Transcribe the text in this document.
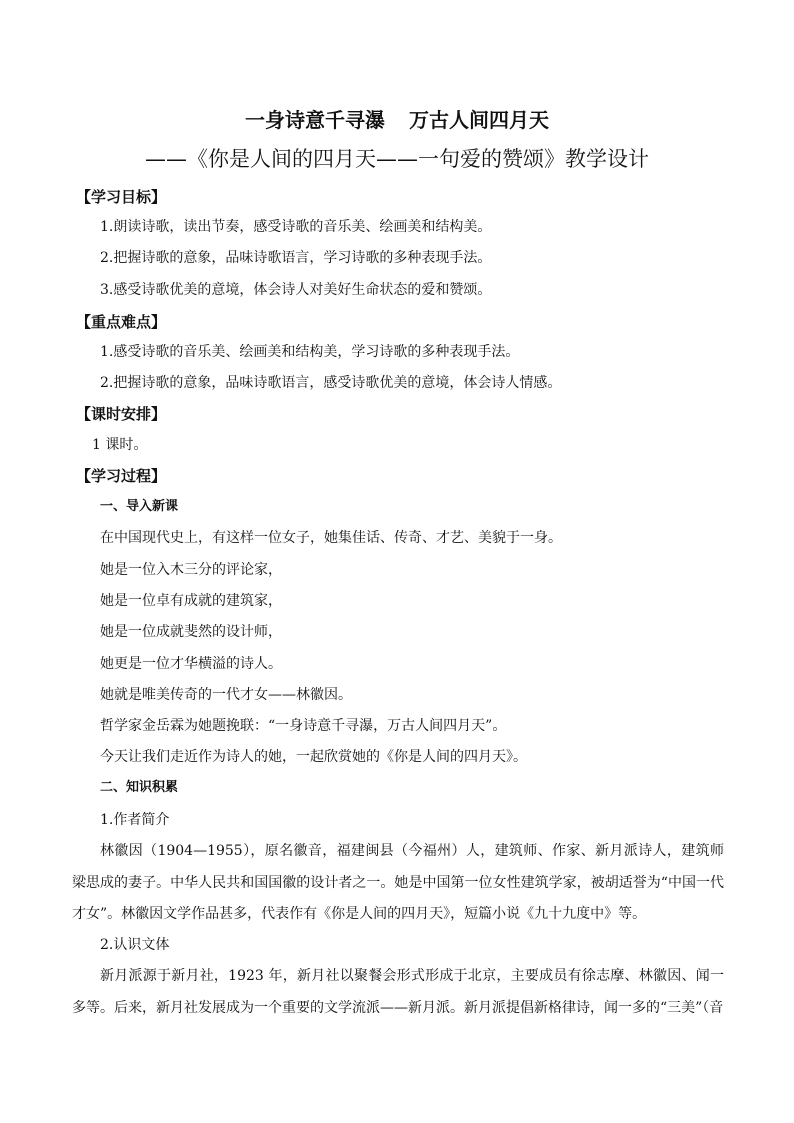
一身诗意千寻瀑 万古人间四月天
——《你是人间的四月天——一句爱的赞颂》教学设计
【学习目标】
1.朗读诗歌，读出节奏，感受诗歌的音乐美、绘画美和结构美。
2.把握诗歌的意象，品味诗歌语言，学习诗歌的多种表现手法。
3.感受诗歌优美的意境，体会诗人对美好生命状态的爱和赞颂。
【重点难点】
1.感受诗歌的音乐美、绘画美和结构美，学习诗歌的多种表现手法。
2.把握诗歌的意象，品味诗歌语言，感受诗歌优美的意境，体会诗人情感。
【课时安排】
1 课时。
【学习过程】
一、导入新课
在中国现代史上，有这样一位女子，她集佳话、传奇、才艺、美貌于一身。
她是一位入木三分的评论家，
她是一位卓有成就的建筑家，
她是一位成就斐然的设计师，
她更是一位才华横溢的诗人。
她就是唯美传奇的一代才女——林徽因。
哲学家金岳霖为她题挽联：“一身诗意千寻瀑，万古人间四月天”。
今天让我们走近作为诗人的她，一起欣赏她的《你是人间的四月天》。
二、知识积累
1.作者简介
林徽因（1904—1955），原名徽音，福建闽县（今福州）人，建筑师、作家、新月派诗人，建筑师梁思成的妻子。中华人民共和国国徽的设计者之一。她是中国第一位女性建筑学家，被胡适誉为“中国一代才女”。林徽因文学作品甚多，代表作有《你是人间的四月天》，短篇小说《九十九度中》等。
2.认识文体
新月派源于新月社，1923 年，新月社以聚餐会形式形成于北京，主要成员有徐志摩、林徽因、闻一多等。后来，新月社发展成为一个重要的文学流派——新月派。新月派提倡新格律诗，闻一多的“三美”（音
